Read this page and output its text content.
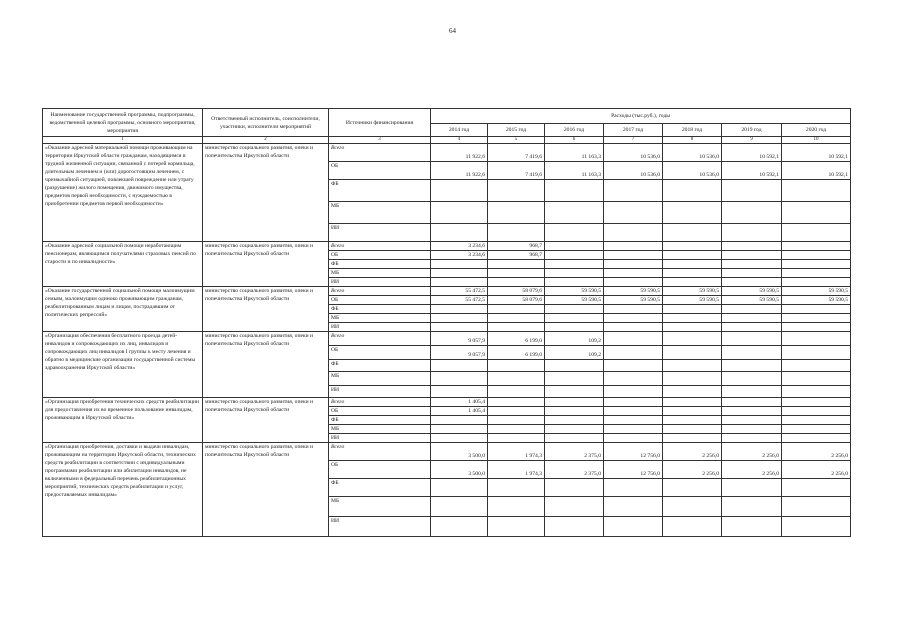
64
Наименование государственной программы, подпрограммы, ведомственной целевой программы, основного мероприятия, мероприятия	Ответственный исполнитель, соисполнители, участники, исполнители мероприятий	Источники финансирования	Расходы (тыс.руб.), годы						
			2014 год	2015 год	2016 год	2017 год	2018 год	2019 год	2020 год
1	2	3	4	5	6	7	8	9	10
«Оказание адресной материальной помощи проживающим на территории Иркутской области гражданам, находящимся в трудной жизненной ситуации, связанной с потерей кормильца, длительным лечением и (или) дорогостоящим лечением, с чрезвычайной ситуацией, повлекшей повреждение или утрату (разрушение) жилого помещения, движимого имущества, предметов первой необходимости, с нуждаемостью в приобретении предметов первой необходимости»	министерство социального развития, опеки и попечительства Иркутской области	Всего	11 922,6	7 419,6	11 163,3	10 536,0	10 536,0	10 592,1	10 592,1
		ОБ	11 922,6	7 419,6	11 163,3	10 536,0	10 536,0	10 592,1	10 592,1
		ФБ							
		МБ							
		ИИ							
«Оказание адресной социальной помощи неработающим пенсионерам, являющимся получателями страховых пенсий по старости и по инвалидности»	министерство социального развития, опеки и попечительства Иркутской области	Всего	3 234,6	968,7					
		ОБ	3 234,6	968,7					
		ФБ							
		МБ							
		ИИ							
«Оказание государственной социальной помощи малоимущим семьям, малоимущим одиноко проживающим гражданам, реабилитированным лицам и лицам, пострадавшим от политических репрессий»	министерство социального развития, опеки и попечительства Иркутской области	Всего	55 472,5	58 079,6	59 590,5	59 590,5	59 590,5	59 590,5	59 590,5
		ОБ	55 472,5	58 079,6	59 590,5	59 590,5	59 590,5	59 590,5	59 590,5
		ФБ							
		МБ							
		ИИ							
«Организация обеспечения бесплатного проезда детей-инвалидов и сопровождающих их лиц, инвалидов и сопровождающих лиц инвалидов I группы к месту лечения и обратно в медицинские организации государственной системы здравоохранения Иркутской области»	министерство социального развития, опеки и попечительства Иркутской области	Всего	9 057,9	6 199,0	109,2				
		ОБ	9 057,9	6 199,0	109,2				
		ФБ							
		МБ							
		ИИ							
«Организация приобретения технических средств реабилитации для предоставления их во временное пользование инвалидам, проживающим в Иркутской области»	министерство социального развития, опеки и попечительства Иркутской области	Всего	1 405,4						
		ОБ	1 405,4						
		ФБ							
		МБ							
		ИИ							
«Организация приобретения, доставки и выдачи инвалидам, проживающим на территории Иркутской области, технических средств реабилитации в соответствии с индивидуальными программами реабилитации или абилитации инвалидов, не включенными в федеральный перечень реабилитационных мероприятий, технических средств реабилитации и услуг, предоставляемых инвалидам»	министерство социального развития, опеки и попечительства Иркутской области	Всего	3 500,0	1 974,3	2 375,0	12 756,0	2 256,0	2 256,0	2 256,0
		ОБ	3 500,0	1 974,3	2 375,0	12 756,0	2 256,0	2 256,0	2 256,0
		ФБ							
		МБ							
		ИИ							
